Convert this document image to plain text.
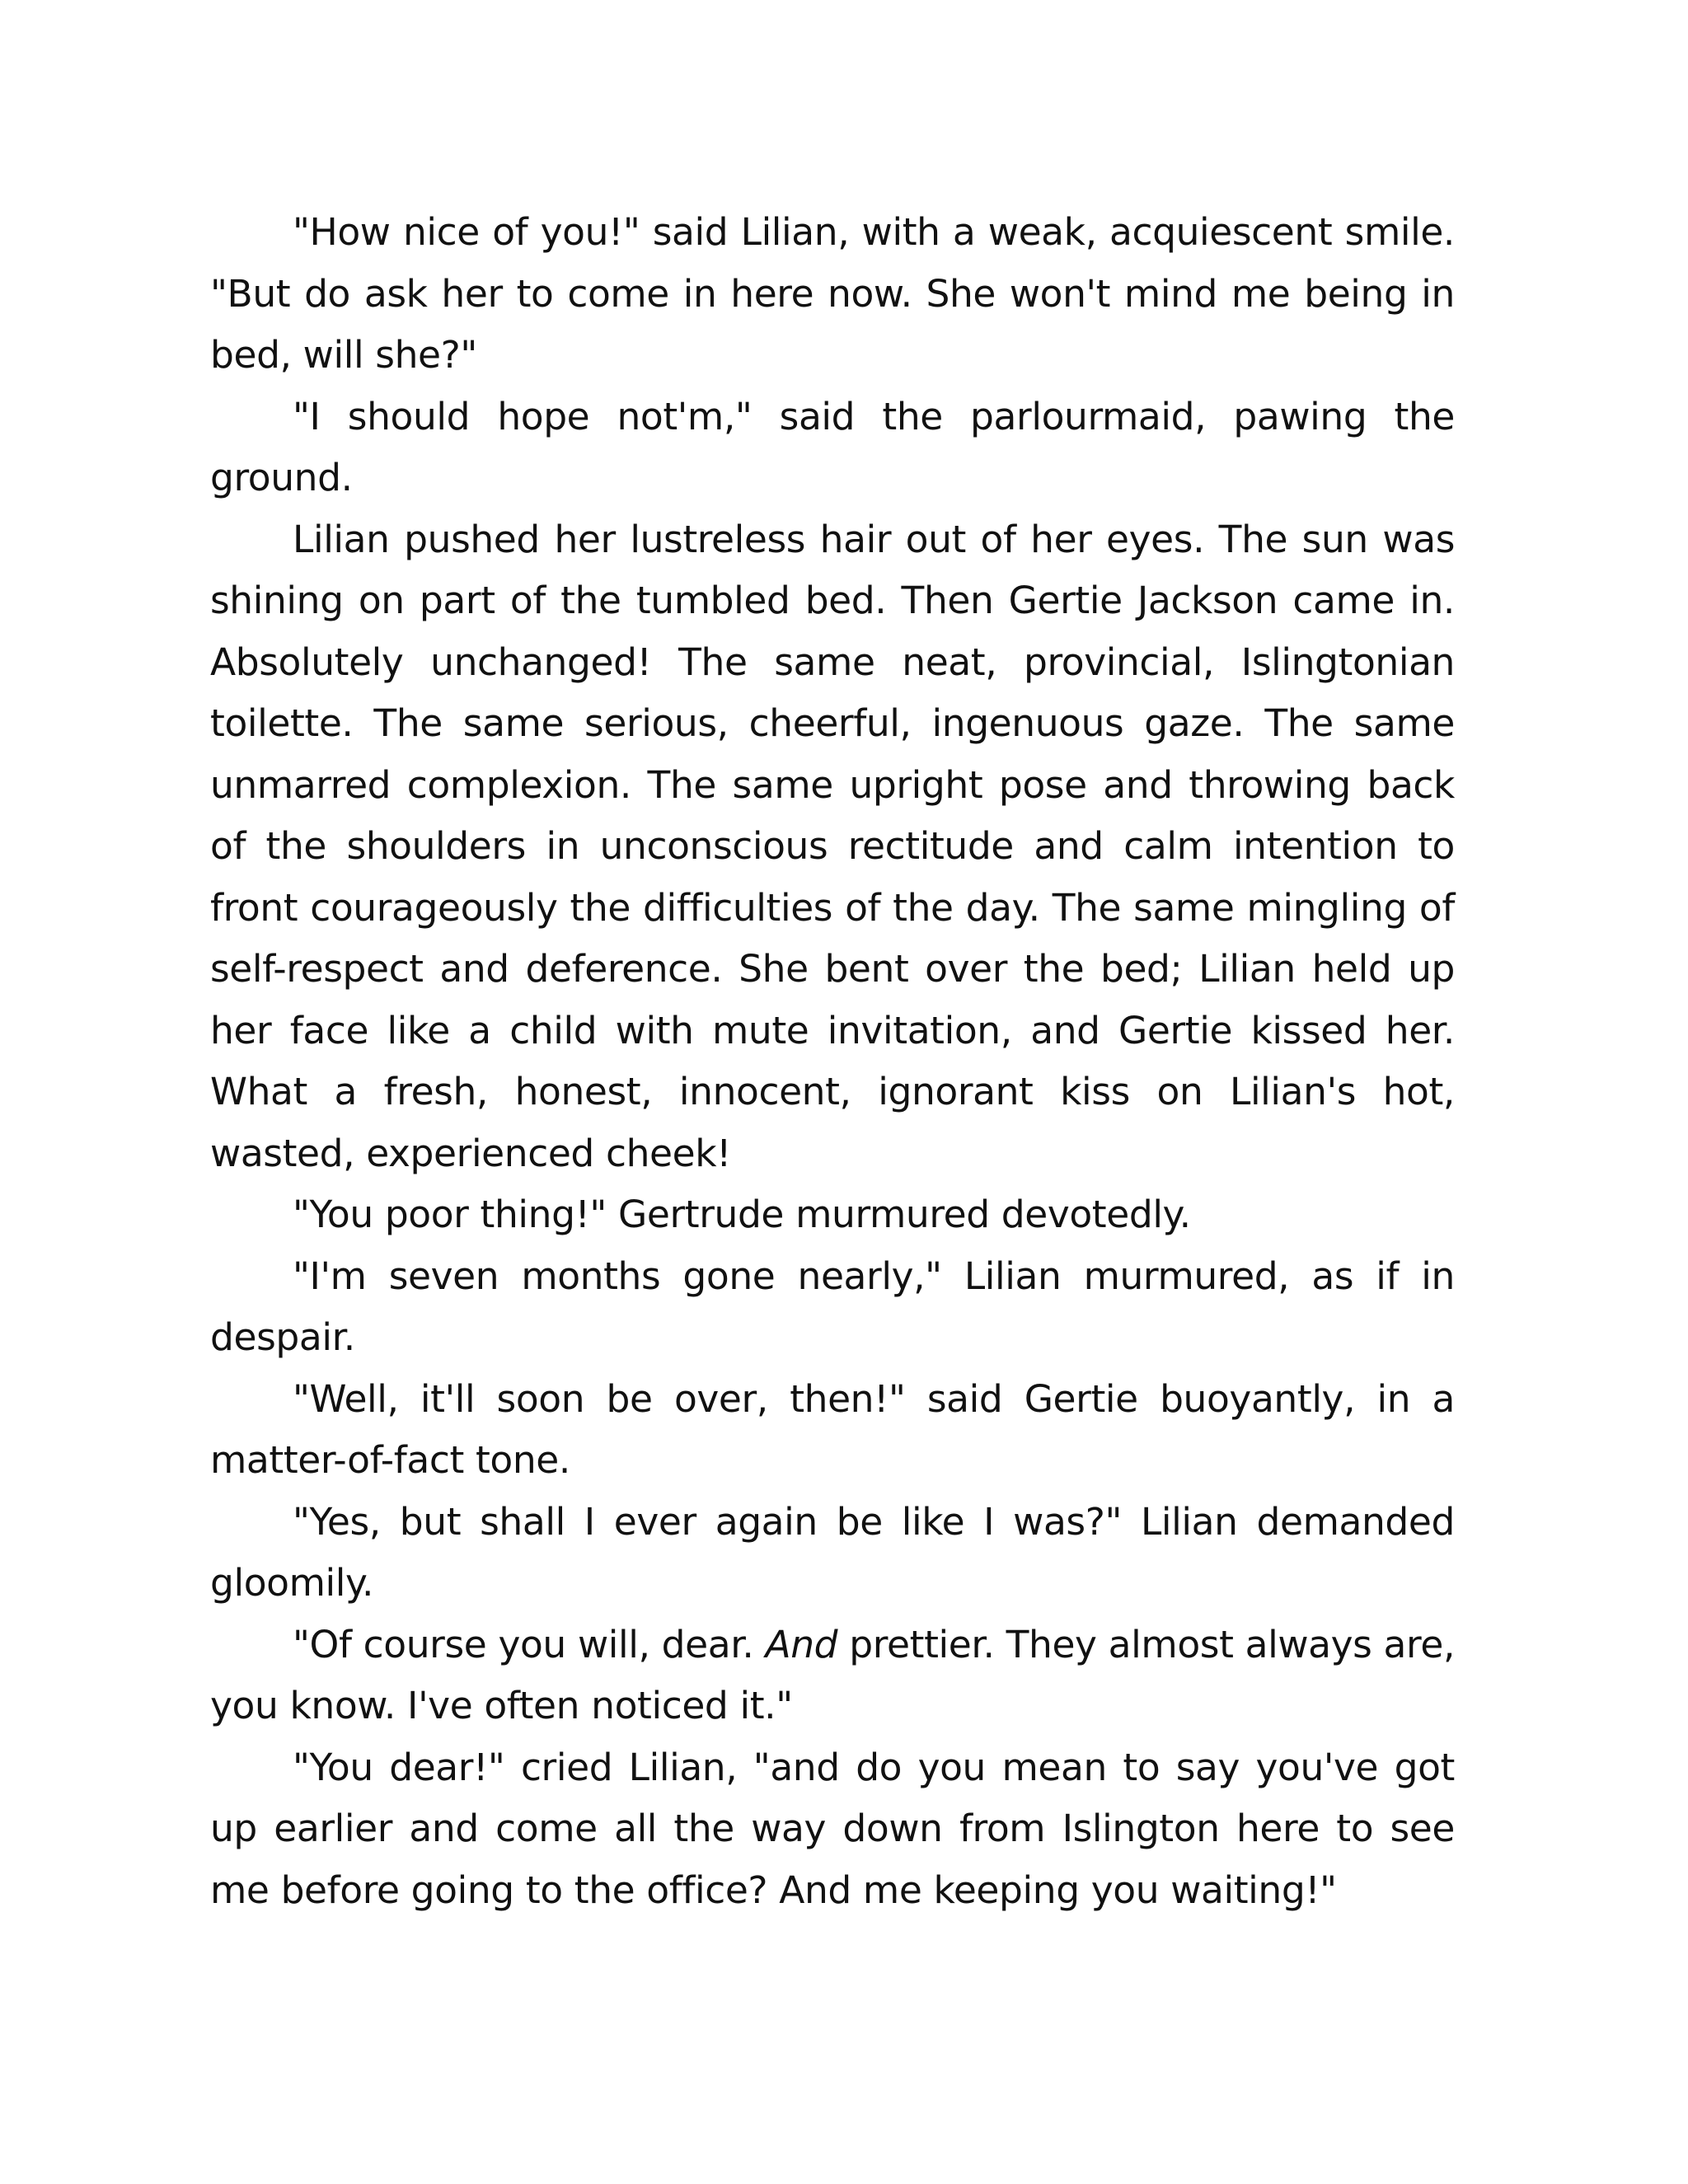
"How nice of you!" said Lilian, with a weak, acquiescent smile. "But do ask her to come in here now. She won't mind me being in bed, will she?"

"I should hope not'm," said the parlourmaid, pawing the ground.

Lilian pushed her lustreless hair out of her eyes. The sun was shining on part of the tumbled bed. Then Gertie Jackson came in. Absolutely unchanged! The same neat, provincial, Islingtonian toilette. The same serious, cheerful, ingenuous gaze. The same unmarred complexion. The same upright pose and throwing back of the shoulders in unconscious rectitude and calm intention to front courageously the difficulties of the day. The same mingling of self-respect and deference. She bent over the bed; Lilian held up her face like a child with mute invitation, and Gertie kissed her. What a fresh, honest, innocent, ignorant kiss on Lilian's hot, wasted, experienced cheek!

"You poor thing!" Gertrude murmured devotedly.

"I'm seven months gone nearly," Lilian murmured, as if in despair.

"Well, it'll soon be over, then!" said Gertie buoyantly, in a matter-of-fact tone.

"Yes, but shall I ever again be like I was?" Lilian demanded gloomily.

"Of course you will, dear. And prettier. They almost always are, you know. I've often noticed it."

"You dear!" cried Lilian, "and do you mean to say you've got up earlier and come all the way down from Islington here to see me before going to the office? And me keeping you waiting!"
